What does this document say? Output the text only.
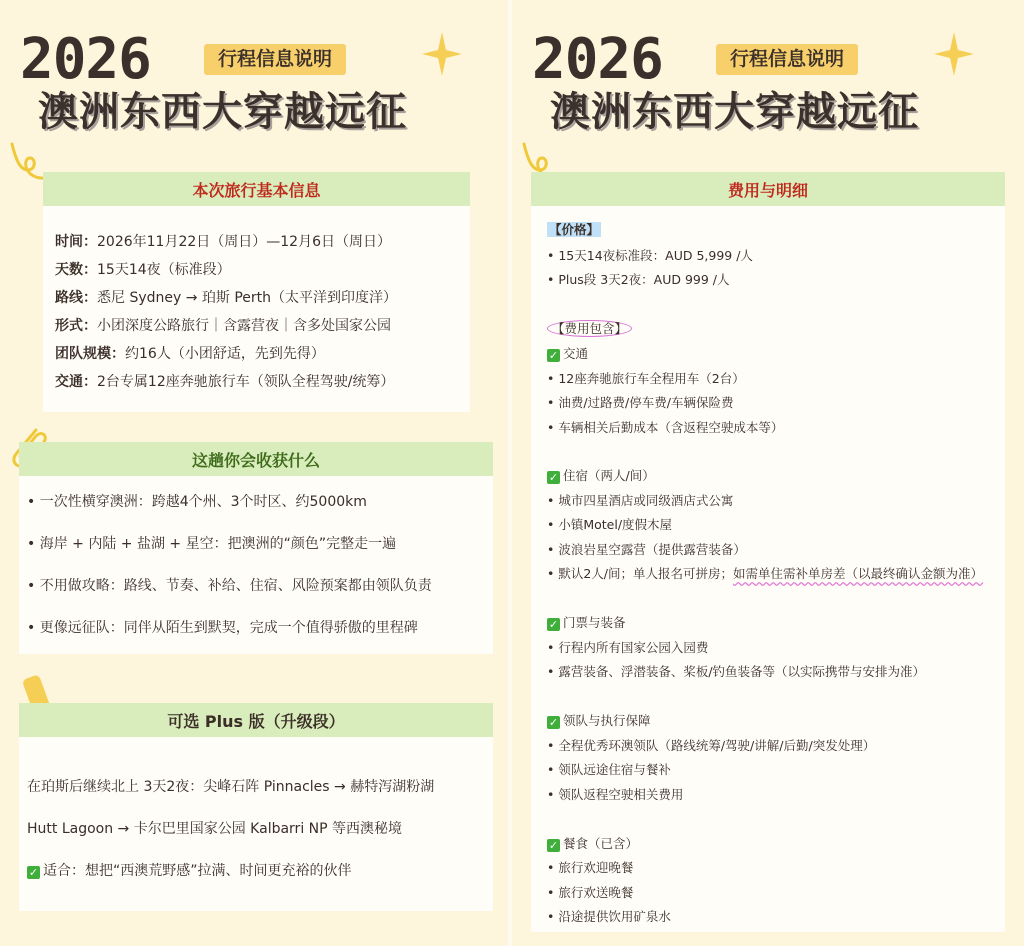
2026	行程信息说明
澳洲东西大穿越远征
本次旅行基本信息
时间：2026年11月22日（周日）—12月6日（周日）
天数：15天14夜（标准段）
路线：悉尼 Sydney → 珀斯 Perth（太平洋到印度洋）
形式：小团深度公路旅行｜含露营夜｜含多处国家公园
团队规模：约16人（小团舒适，先到先得）
交通：2台专属12座奔驰旅行车（领队全程驾驶/统筹）
这趟你会收获什么
• 一次性横穿澳洲：跨越4个州、3个时区、约5000km
• 海岸 + 内陆 + 盐湖 + 星空：把澳洲的“颜色”完整走一遍
• 不用做攻略：路线、节奏、补给、住宿、风险预案都由领队负责
• 更像远征队：同伴从陌生到默契，完成一个值得骄傲的里程碑
可选 Plus 版（升级段）
在珀斯后继续北上 3天2夜：尖峰石阵 Pinnacles → 赫特泻湖粉湖
Hutt Lagoon → 卡尔巴里国家公园 Kalbarri NP 等西澳秘境
✓ 适合：想把“西澳荒野感”拉满、时间更充裕的伙伴
2026	行程信息说明
澳洲东西大穿越远征
费用与明细
【价格】
• 15天14夜标准段：AUD 5,999 /人
• Plus段 3天2夜：AUD 999 /人
【费用包含】
✓ 交通
• 12座奔驰旅行车全程用车（2台）
• 油费/过路费/停车费/车辆保险费
• 车辆相关后勤成本（含返程空驶成本等）
✓ 住宿（两人/间）
• 城市四星酒店或同级酒店式公寓
• 小镇Motel/度假木屋
• 波浪岩星空露营（提供露营装备）
• 默认2人/间；单人报名可拼房；如需单住需补单房差（以最终确认金额为准）
✓ 门票与装备
• 行程内所有国家公园入园费
• 露营装备、浮潜装备、桨板/钓鱼装备等（以实际携带与安排为准）
✓ 领队与执行保障
• 全程优秀环澳领队（路线统筹/驾驶/讲解/后勤/突发处理）
• 领队远途住宿与餐补
• 领队返程空驶相关费用
✓ 餐食（已含）
• 旅行欢迎晚餐
• 旅行欢送晚餐
• 沿途提供饮用矿泉水
